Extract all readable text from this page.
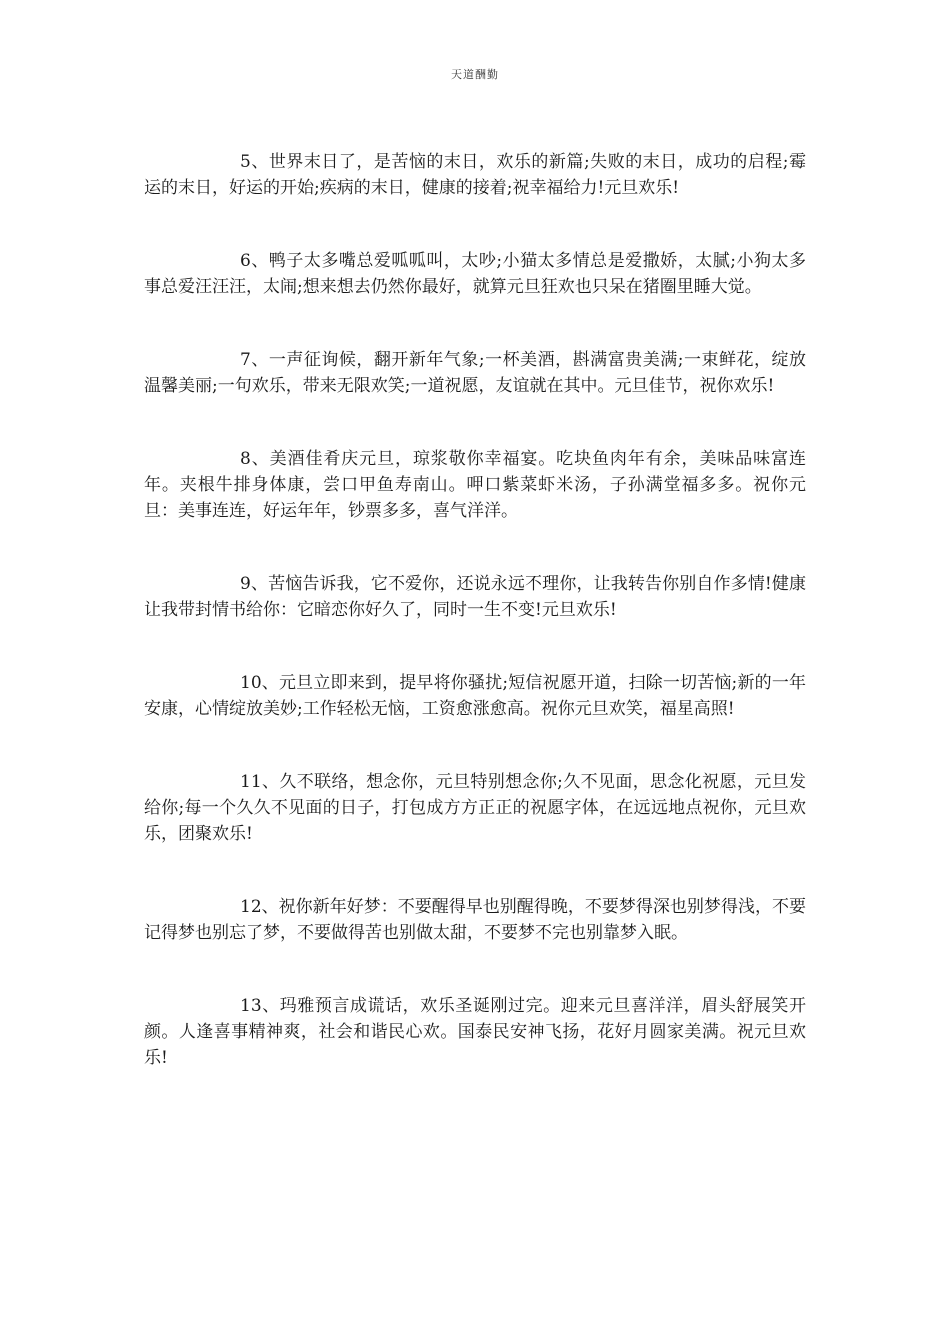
天道酬勤

5、世界末日了，是苦恼的末日，欢乐的新篇;失败的末日，成功的启程;霉运的末日，好运的开始;疾病的末日，健康的接着;祝幸福给力!元旦欢乐!

6、鸭子太多嘴总爱呱呱叫，太吵;小猫太多情总是爱撒娇，太腻;小狗太多事总爱汪汪汪，太闹;想来想去仍然你最好，就算元旦狂欢也只呆在猪圈里睡大觉。

7、一声征询候，翻开新年气象;一杯美酒，斟满富贵美满;一束鲜花，绽放温馨美丽;一句欢乐，带来无限欢笑;一道祝愿，友谊就在其中。元旦佳节，祝你欢乐!

8、美酒佳肴庆元旦，琼浆敬你幸福宴。吃块鱼肉年有余，美味品味富连年。夹根牛排身体康，尝口甲鱼寿南山。呷口紫菜虾米汤，子孙满堂福多多。祝你元旦：美事连连，好运年年，钞票多多，喜气洋洋。

9、苦恼告诉我，它不爱你，还说永远不理你，让我转告你别自作多情!健康让我带封情书给你：它暗恋你好久了，同时一生不变!元旦欢乐!

10、元旦立即来到，提早将你骚扰;短信祝愿开道，扫除一切苦恼;新的一年安康，心情绽放美妙;工作轻松无恼，工资愈涨愈高。祝你元旦欢笑，福星高照!

11、久不联络，想念你，元旦特别想念你;久不见面，思念化祝愿，元旦发给你;每一个久久不见面的日子，打包成方方正正的祝愿字体，在远远地点祝你，元旦欢乐，团聚欢乐!

12、祝你新年好梦：不要醒得早也别醒得晚，不要梦得深也别梦得浅，不要记得梦也别忘了梦，不要做得苦也别做太甜，不要梦不完也别靠梦入眠。

13、玛雅预言成谎话，欢乐圣诞刚过完。迎来元旦喜洋洋，眉头舒展笑开颜。人逢喜事精神爽，社会和谐民心欢。国泰民安神飞扬，花好月圆家美满。祝元旦欢乐!
